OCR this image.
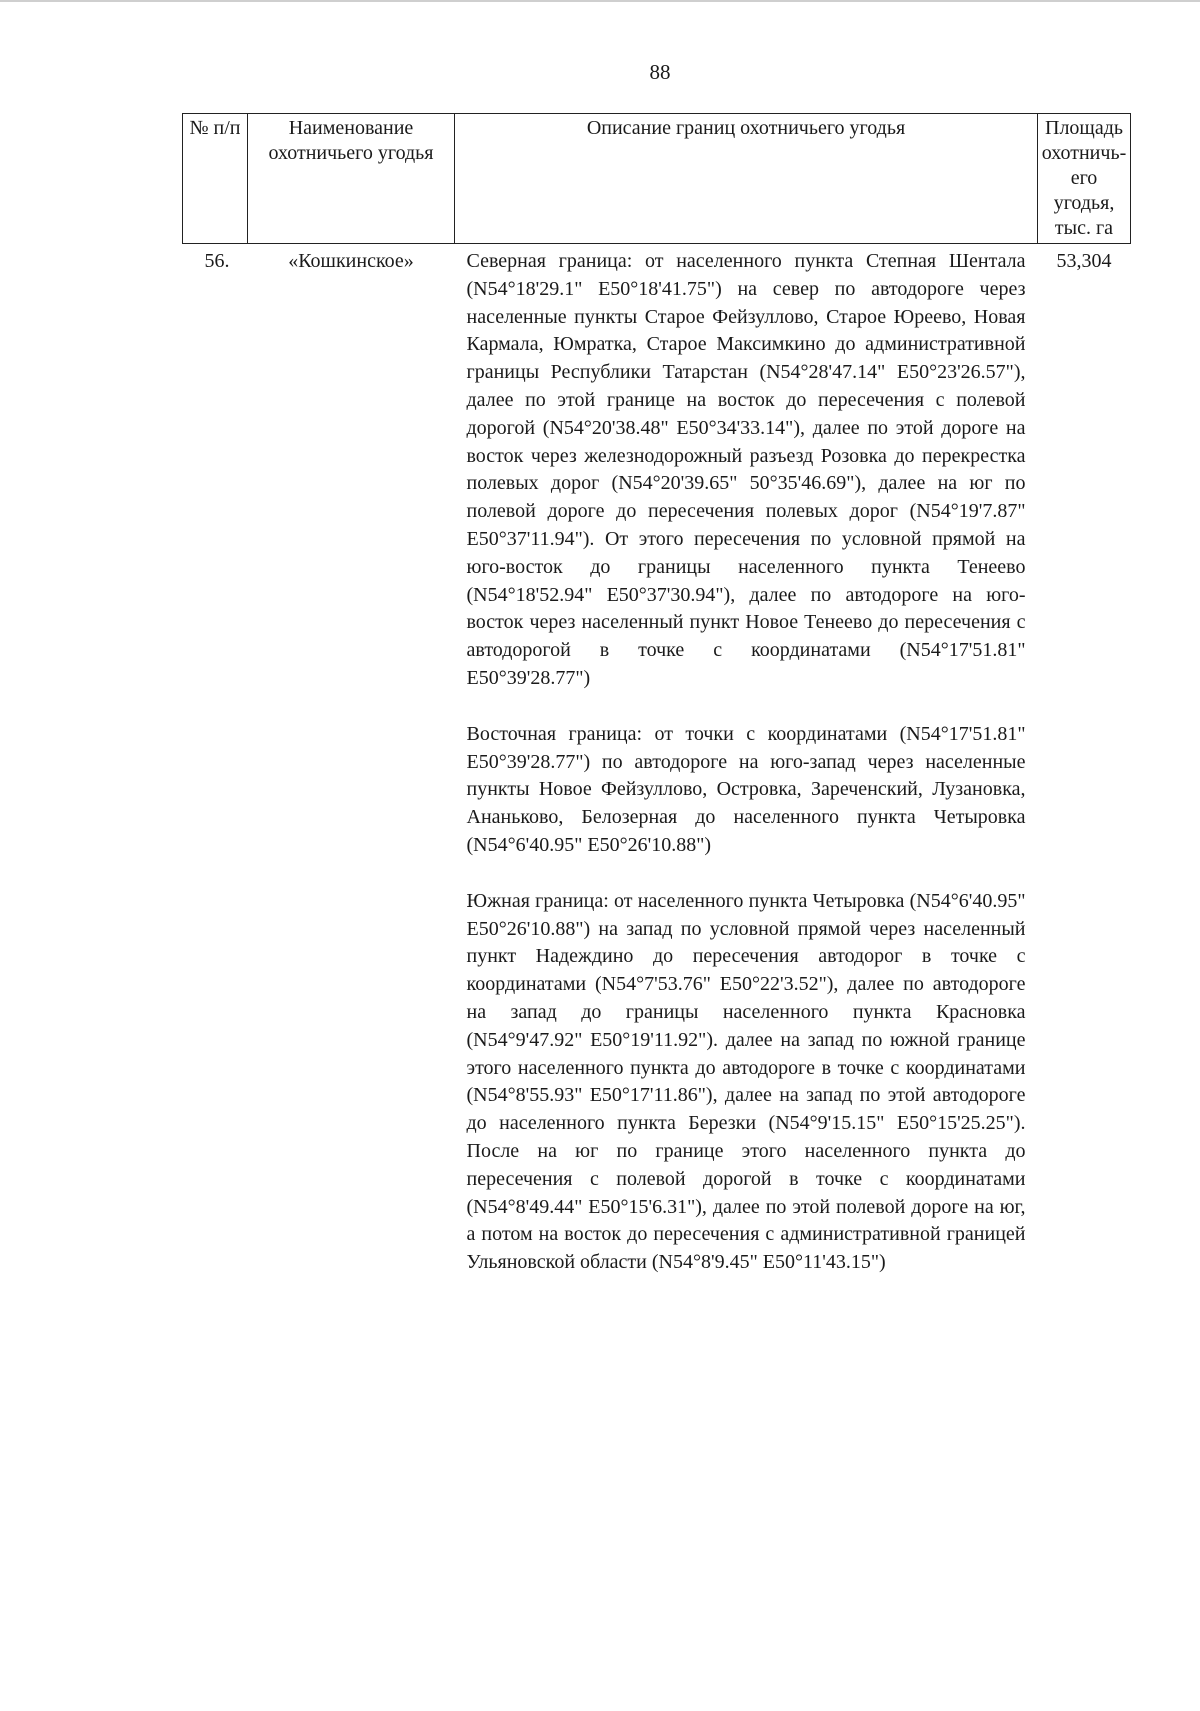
88
№ п/п	Наименование охотничьего угодья	Описание границ охотничьего угодья	Площадь охотничь-его угодья, тыс. га
56.	«Кошкинское»	Северная граница: от населенного пункта Степная Шентала (N54°18'29.1" E50°18'41.75") на север по автодороге через населенные пункты Старое Фейзуллово, Старое Юреево, Новая Кармала, Юмратка, Старое Максимкино до административной границы Республики Татарстан (N54°28'47.14" E50°23'26.57"), далее по этой границе на восток до пересечения с полевой дорогой (N54°20'38.48" E50°34'33.14"), далее по этой дороге на восток через железнодорожный разъезд Розовка до перекрестка полевых дорог (N54°20'39.65" 50°35'46.69"), далее на юг по полевой дороге до пересечения полевых дорог (N54°19'7.87" E50°37'11.94"). От этого пересечения по условной прямой на юго-восток до границы населенного пункта Тенеево (N54°18'52.94" E50°37'30.94"), далее по автодороге на юго-восток через населенный пункт Новое Тенеево до пересечения с автодорогой в точке с координатами (N54°17'51.81" E50°39'28.77")

Восточная граница: от точки с координатами (N54°17'51.81" E50°39'28.77") по автодороге на юго-запад через населенные пункты Новое Фейзуллово, Островка, Зареченский, Лузановка, Ананьково, Белозерная до населенного пункта Четыровка (N54°6'40.95" E50°26'10.88")

Южная граница: от населенного пункта Четыровка (N54°6'40.95" E50°26'10.88") на запад по условной прямой через населенный пункт Надеждино до пересечения автодорог в точке с координатами (N54°7'53.76" E50°22'3.52"), далее по автодороге на запад до границы населенного пункта Красновка (N54°9'47.92" E50°19'11.92"). далее на запад по южной границе этого населенного пункта до автодороге в точке с координатами (N54°8'55.93" E50°17'11.86"), далее на запад по этой автодороге до населенного пункта Березки (N54°9'15.15" E50°15'25.25"). После на юг по границе этого населенного пункта до пересечения с полевой дорогой в точке с координатами (N54°8'49.44" E50°15'6.31"), далее по этой полевой дороге на юг, а потом на восток до пересечения с административной границей Ульяновской области (N54°8'9.45" E50°11'43.15")	53,304
